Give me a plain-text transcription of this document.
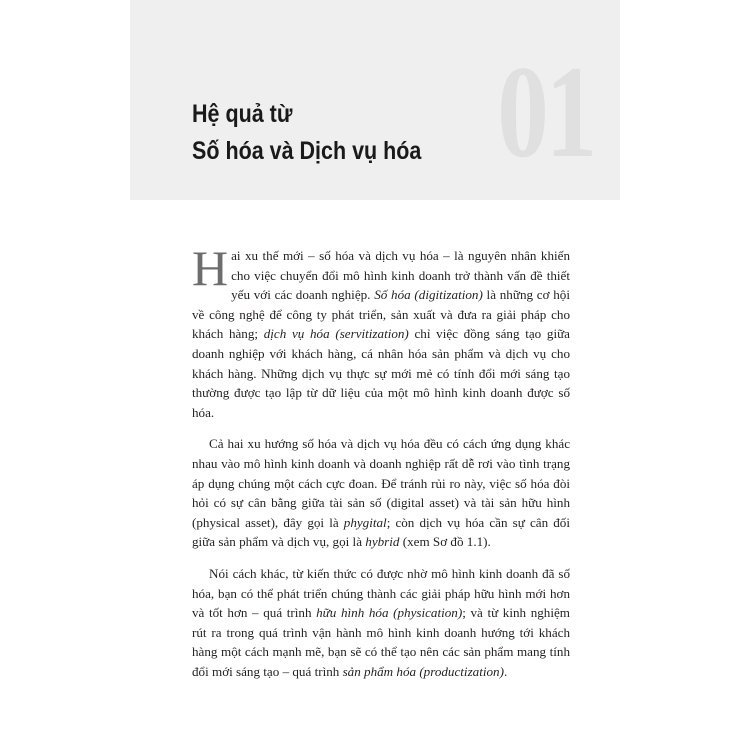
01
Hệ quả từ
Số hóa và Dịch vụ hóa

Hai xu thế mới – số hóa và dịch vụ hóa – là nguyên nhân khiến cho việc chuyển đổi mô hình kinh doanh trở thành vấn đề thiết yếu với các doanh nghiệp. Số hóa (digitization) là những cơ hội về công nghệ để công ty phát triển, sản xuất và đưa ra giải pháp cho khách hàng; dịch vụ hóa (servitization) chỉ việc đồng sáng tạo giữa doanh nghiệp với khách hàng, cá nhân hóa sản phẩm và dịch vụ cho khách hàng. Những dịch vụ thực sự mới mẻ có tính đổi mới sáng tạo thường được tạo lập từ dữ liệu của một mô hình kinh doanh được số hóa.

Cả hai xu hướng số hóa và dịch vụ hóa đều có cách ứng dụng khác nhau vào mô hình kinh doanh và doanh nghiệp rất dễ rơi vào tình trạng áp dụng chúng một cách cực đoan. Để tránh rủi ro này, việc số hóa đòi hỏi có sự cân bằng giữa tài sản số (digital asset) và tài sản hữu hình (physical asset), đây gọi là phygital; còn dịch vụ hóa cần sự cân đối giữa sản phẩm và dịch vụ, gọi là hybrid (xem Sơ đồ 1.1).

Nói cách khác, từ kiến thức có được nhờ mô hình kinh doanh đã số hóa, bạn có thể phát triển chúng thành các giải pháp hữu hình mới hơn và tốt hơn – quá trình hữu hình hóa (physication); và từ kinh nghiệm rút ra trong quá trình vận hành mô hình kinh doanh hướng tới khách hàng một cách mạnh mẽ, bạn sẽ có thể tạo nên các sản phẩm mang tính đổi mới sáng tạo – quá trình sản phẩm hóa (productization).
